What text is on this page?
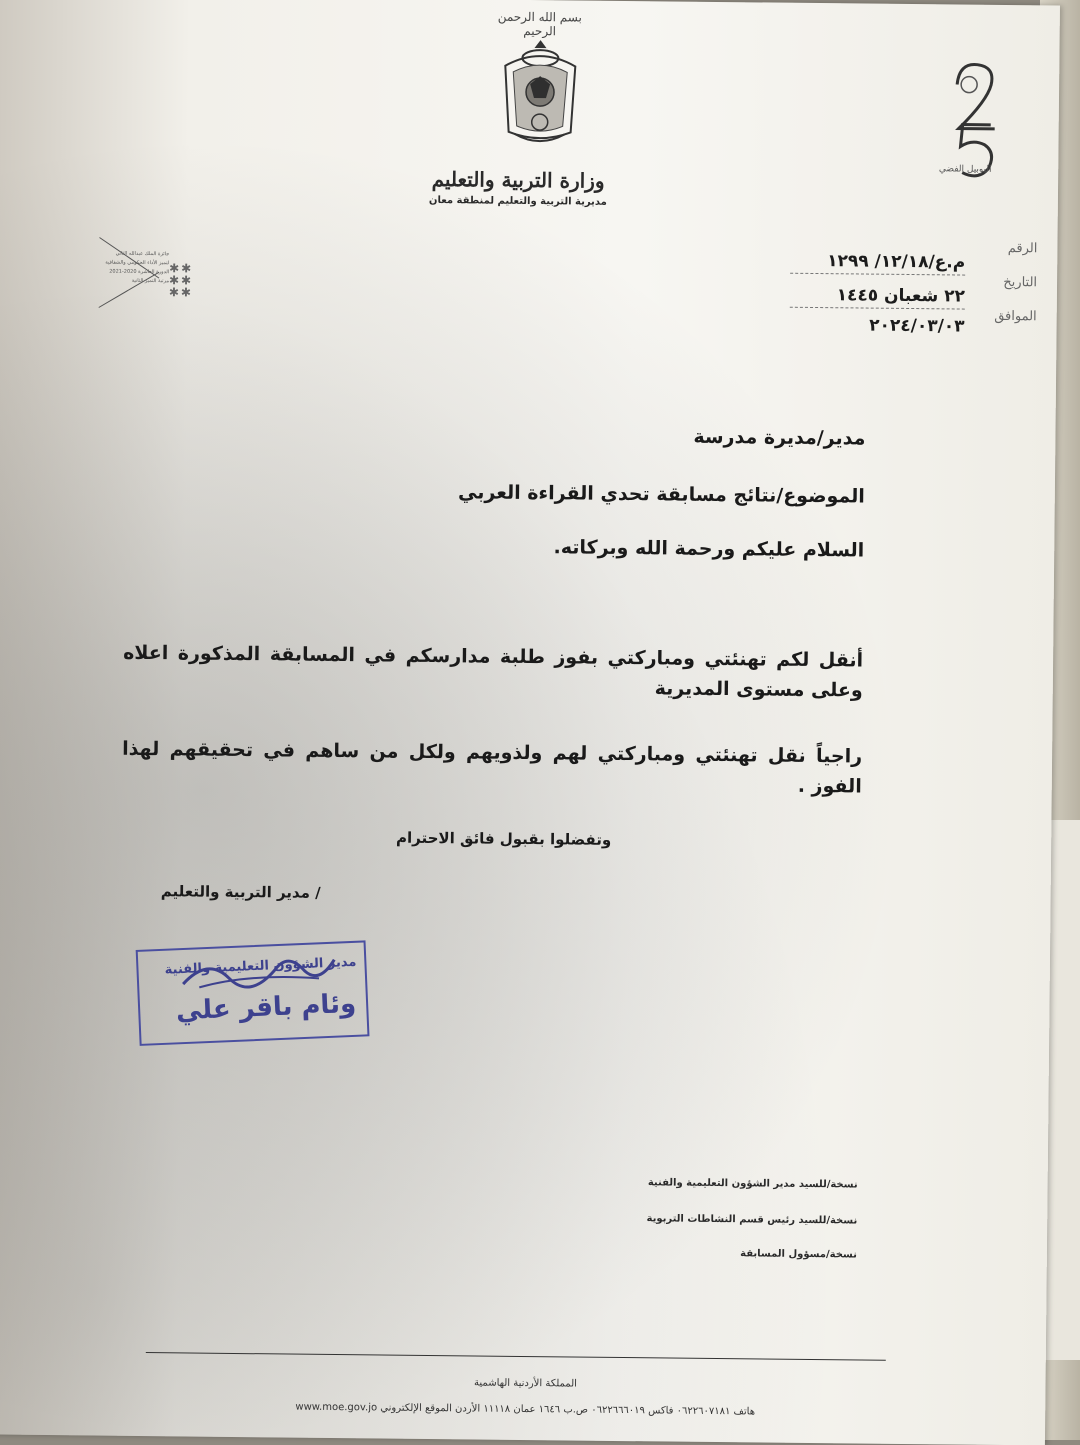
بسم الله الرحمن الرحيم
وزارة التربية والتعليم
مديرية التربية والتعليم لمنطقة معان
اليوبيل الفضي
✱ ✱
✱ ✱
✱ ✱
جائزة الملك عبدالله الثاني
لتميز الأداء الحكومي والشفافية
الدورة العاشرة 2020-2021
مرتبة التميز الثانية
الرقم
م.ع/١٢/١٨/ ١٢٩٩
التاريخ
٢٢ شعبان ١٤٤٥
الموافق
٢٠٢٤/٠٣/٠٣
مدير/مديرة مدرسة
الموضوع/نتائج مسابقة تحدي القراءة العربي
السلام عليكم ورحمة الله وبركاته.
أنقل لكم تهنئتي ومباركتي بفوز طلبة مدارسكم في المسابقة المذكورة اعلاه وعلى مستوى المديرية
راجياً نقل تهنئتي ومباركتي لهم ولذويهم ولكل من ساهم في تحقيقهم لهذا الفوز .
وتفضلوا بقبول فائق الاحترام
/ مدير التربية والتعليم
مدير الشؤون التعليمية والفنية
وئام باقر علي
نسخة/للسيد مدير الشؤون التعليمية والفنية
نسخة/للسيد رئيس قسم النشاطات التربوية
نسخة/مسؤول المسابقة
المملكة الأردنية الهاشمية
هاتف ٠٦٢٢٦٠٧١٨١ فاكس ٠٦٢٢٦٦٦٠١٩ ص.ب ١٦٤٦ عمان ١١١١٨ الأردن الموقع الإلكتروني www.moe.gov.jo
